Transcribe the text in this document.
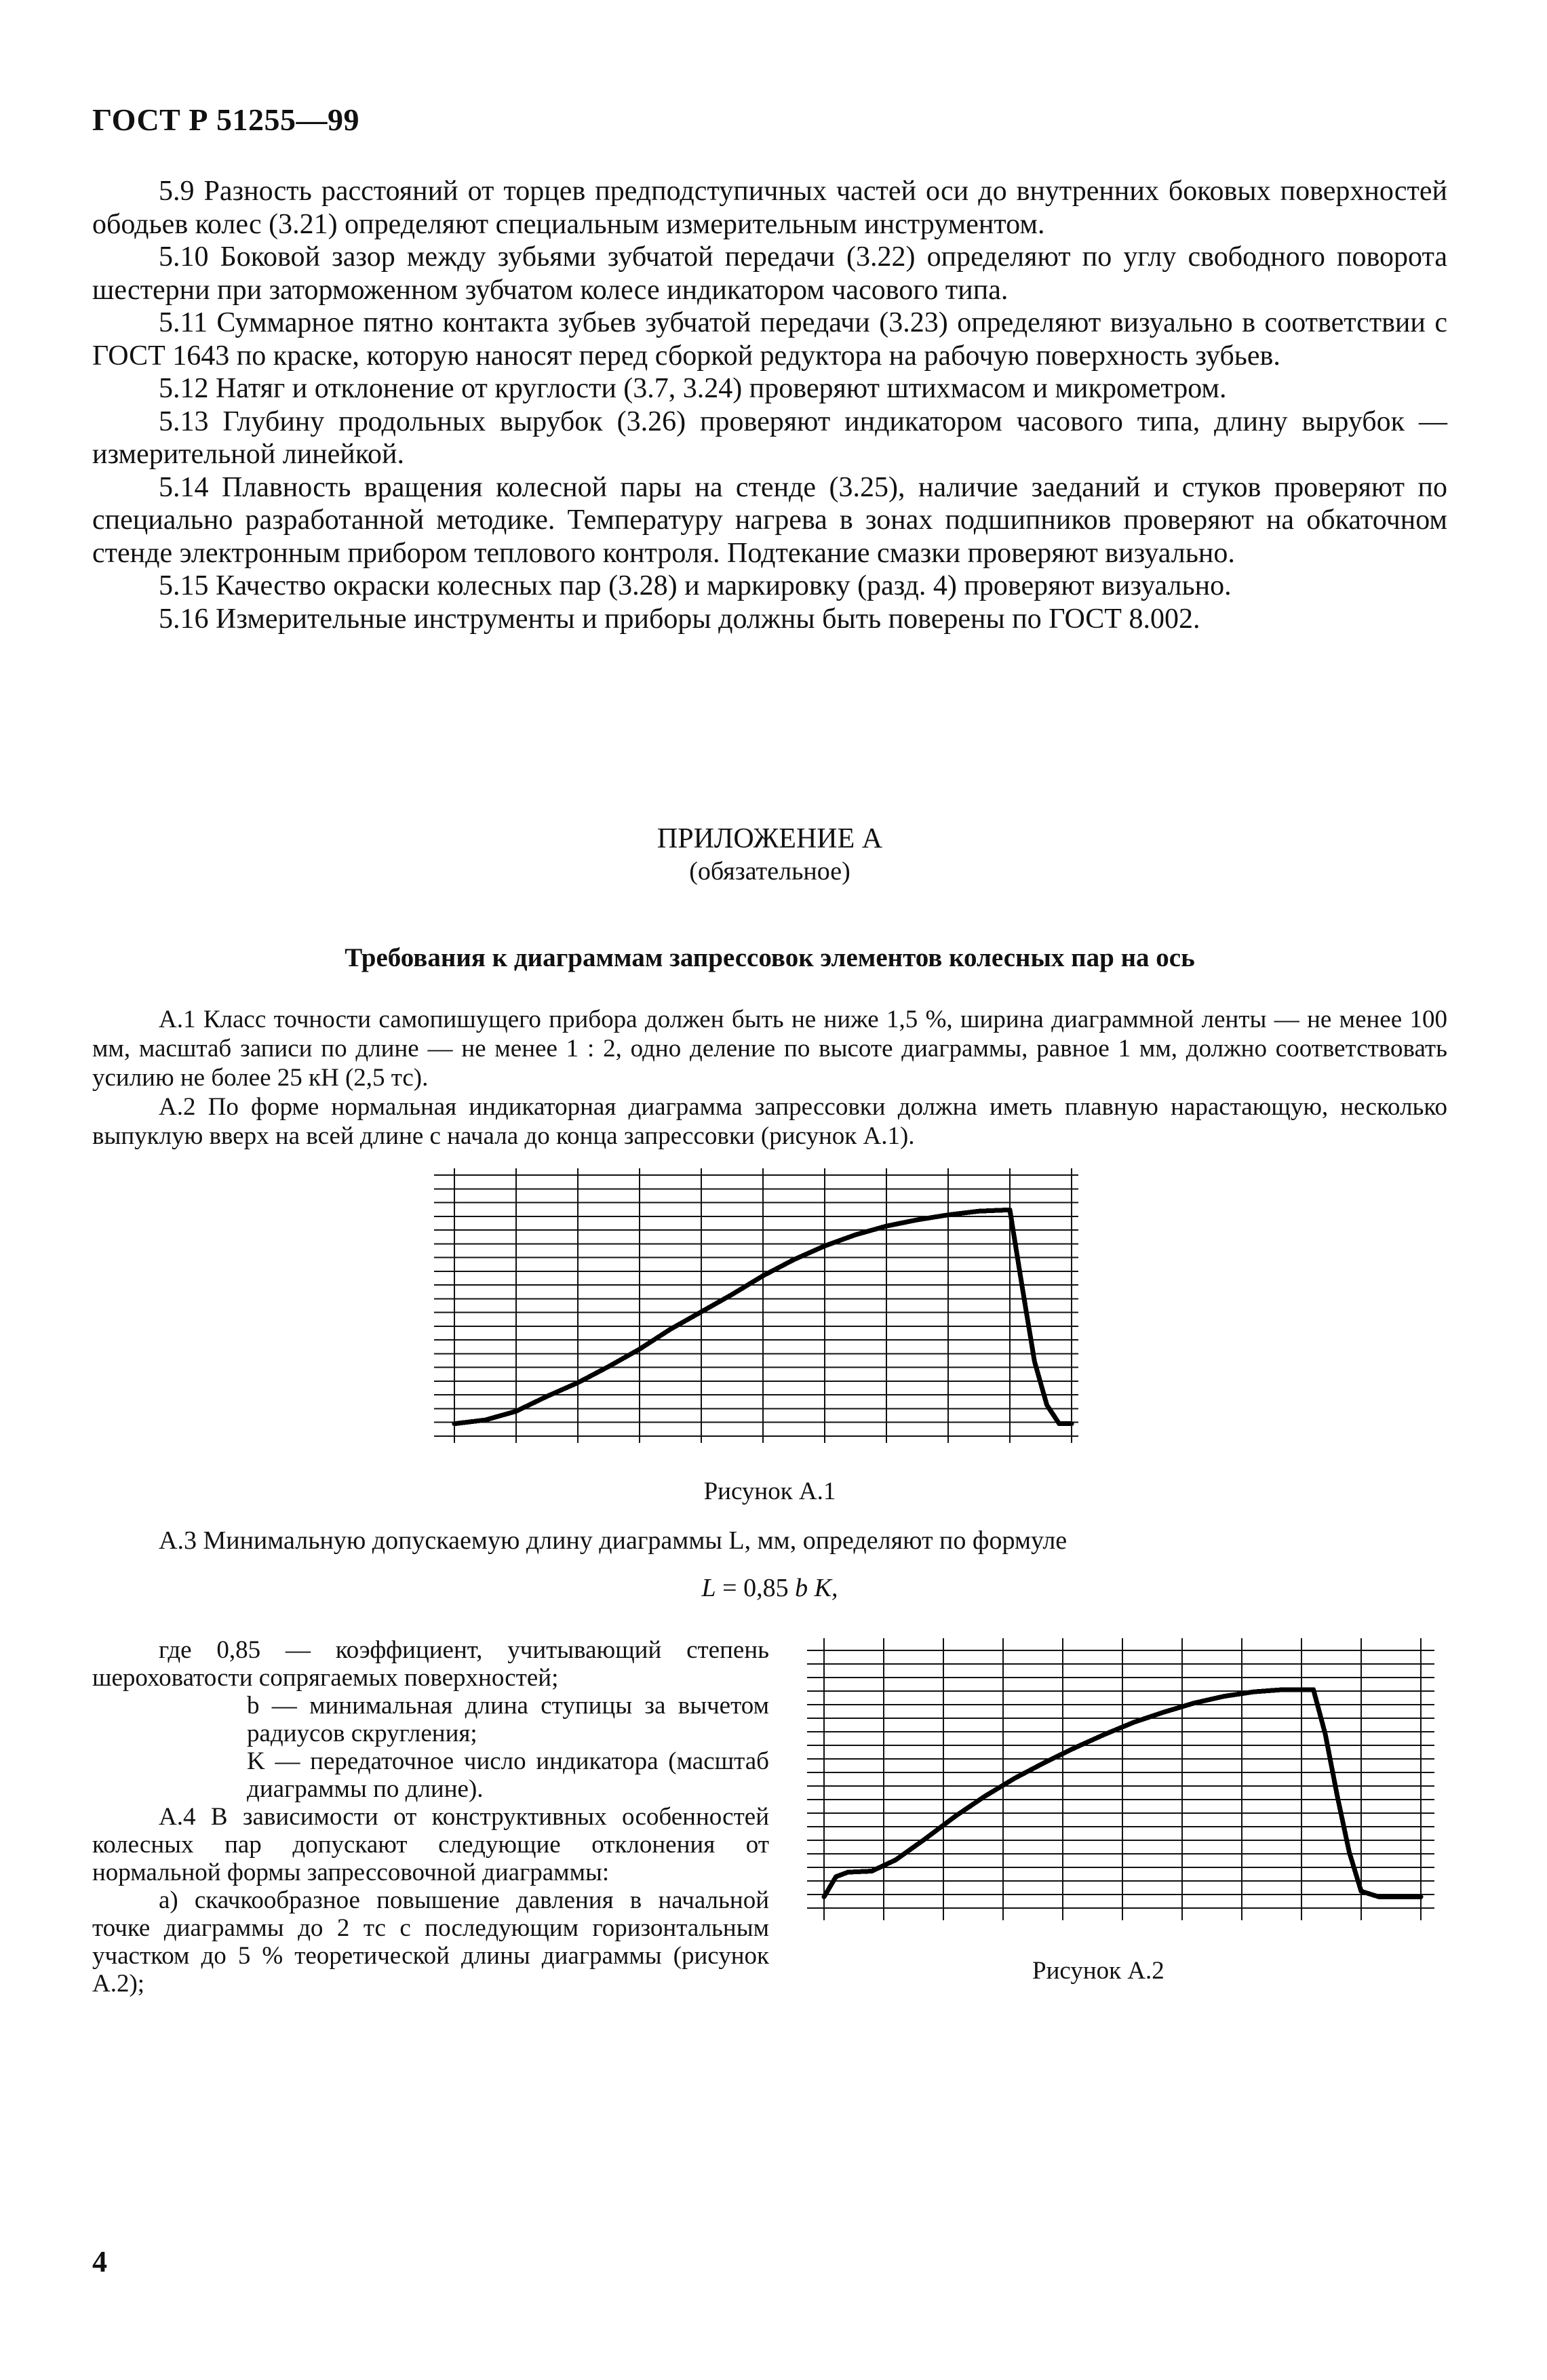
ГОСТ Р 51255—99

5.9 Разность расстояний от торцев предподступичных частей оси до внутренних боковых поверхностей ободьев колес (3.21) определяют специальным измерительным инструментом.

5.10 Боковой зазор между зубьями зубчатой передачи (3.22) определяют по углу свободного поворота шестерни при заторможенном зубчатом колесе индикатором часового типа.

5.11 Суммарное пятно контакта зубьев зубчатой передачи (3.23) определяют визуально в соответствии с ГОСТ 1643 по краске, которую наносят перед сборкой редуктора на рабочую поверхность зубьев.

5.12 Натяг и отклонение от круглости (3.7, 3.24) проверяют штихмасом и микрометром.

5.13 Глубину продольных вырубок (3.26) проверяют индикатором часового типа, длину вырубок — измерительной линейкой.

5.14 Плавность вращения колесной пары на стенде (3.25), наличие заеданий и стуков проверяют по специально разработанной методике. Температуру нагрева в зонах подшипников проверяют на обкаточном стенде электронным прибором теплового контроля. Подтекание смазки проверяют визуально.

5.15 Качество окраски колесных пар (3.28) и маркировку (разд. 4) проверяют визуально.

5.16 Измерительные инструменты и приборы должны быть поверены по ГОСТ 8.002.

ПРИЛОЖЕНИЕ А
(обязательное)
Требования к диаграммам запрессовок элементов колесных пар на ось

А.1 Класс точности самопишущего прибора должен быть не ниже 1,5 %, ширина диаграммной ленты — не менее 100 мм, масштаб записи по длине — не менее 1 : 2, одно деление по высоте диаграммы, равное 1 мм, должно соответствовать усилию не более 25 кН (2,5 тс).

А.2 По форме нормальная индикаторная диаграмма запрессовки должна иметь плавную нарастающую, несколько выпуклую вверх на всей длине с начала до конца запрессовки (рисунок А.1).

Рисунок А.1
А.3 Минимальную допускаемую длину диаграммы L, мм, определяют по формуле
L = 0,85 b K,

где 0,85 — коэффициент, учитывающий степень шероховатости сопрягаемых поверхностей;

b — минимальная длина ступицы за вычетом радиусов скругления;

K — передаточное число индикатора (масштаб диаграммы по длине).

А.4 В зависимости от конструктивных особенностей колесных пар допускают следующие отклонения от нормальной формы запрессовочной диаграммы:

а) скачкообразное повышение давления в начальной точке диаграммы до 2 тс с последующим горизонтальным участком до 5 % теоретической длины диаграммы (рисунок А.2);	Рисунок А.2
4
